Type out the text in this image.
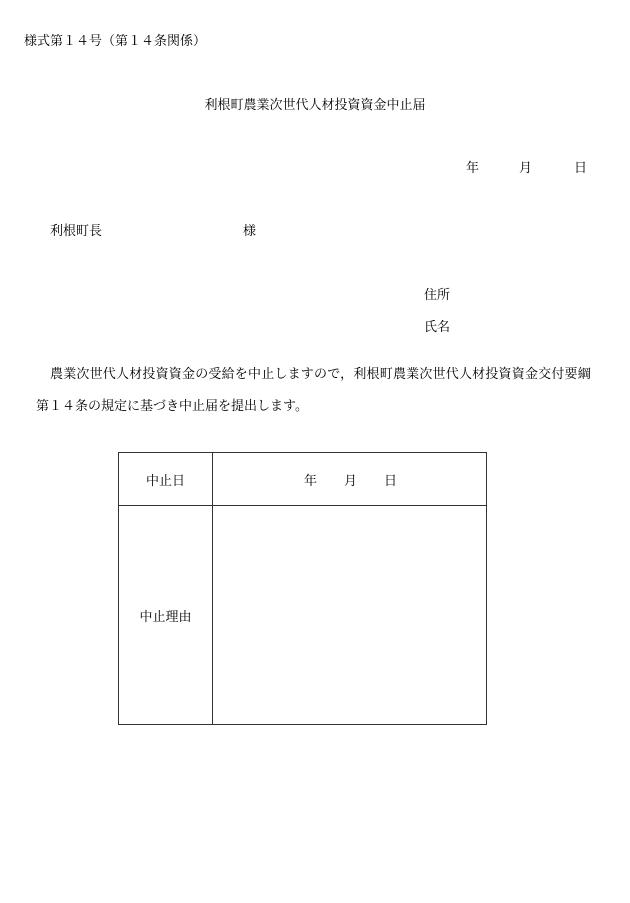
様式第１４号（第１４条関係）
利根町農業次世代人材投資資金中止届
年	月	日
利根町長	様
住所
氏名
農業次世代人材投資資金の受給を中止しますので，利根町農業次世代人材投資資金交付要綱
第１４条の規定に基づき中止届を提出します。
中止日	年 月 日

中止理由	
